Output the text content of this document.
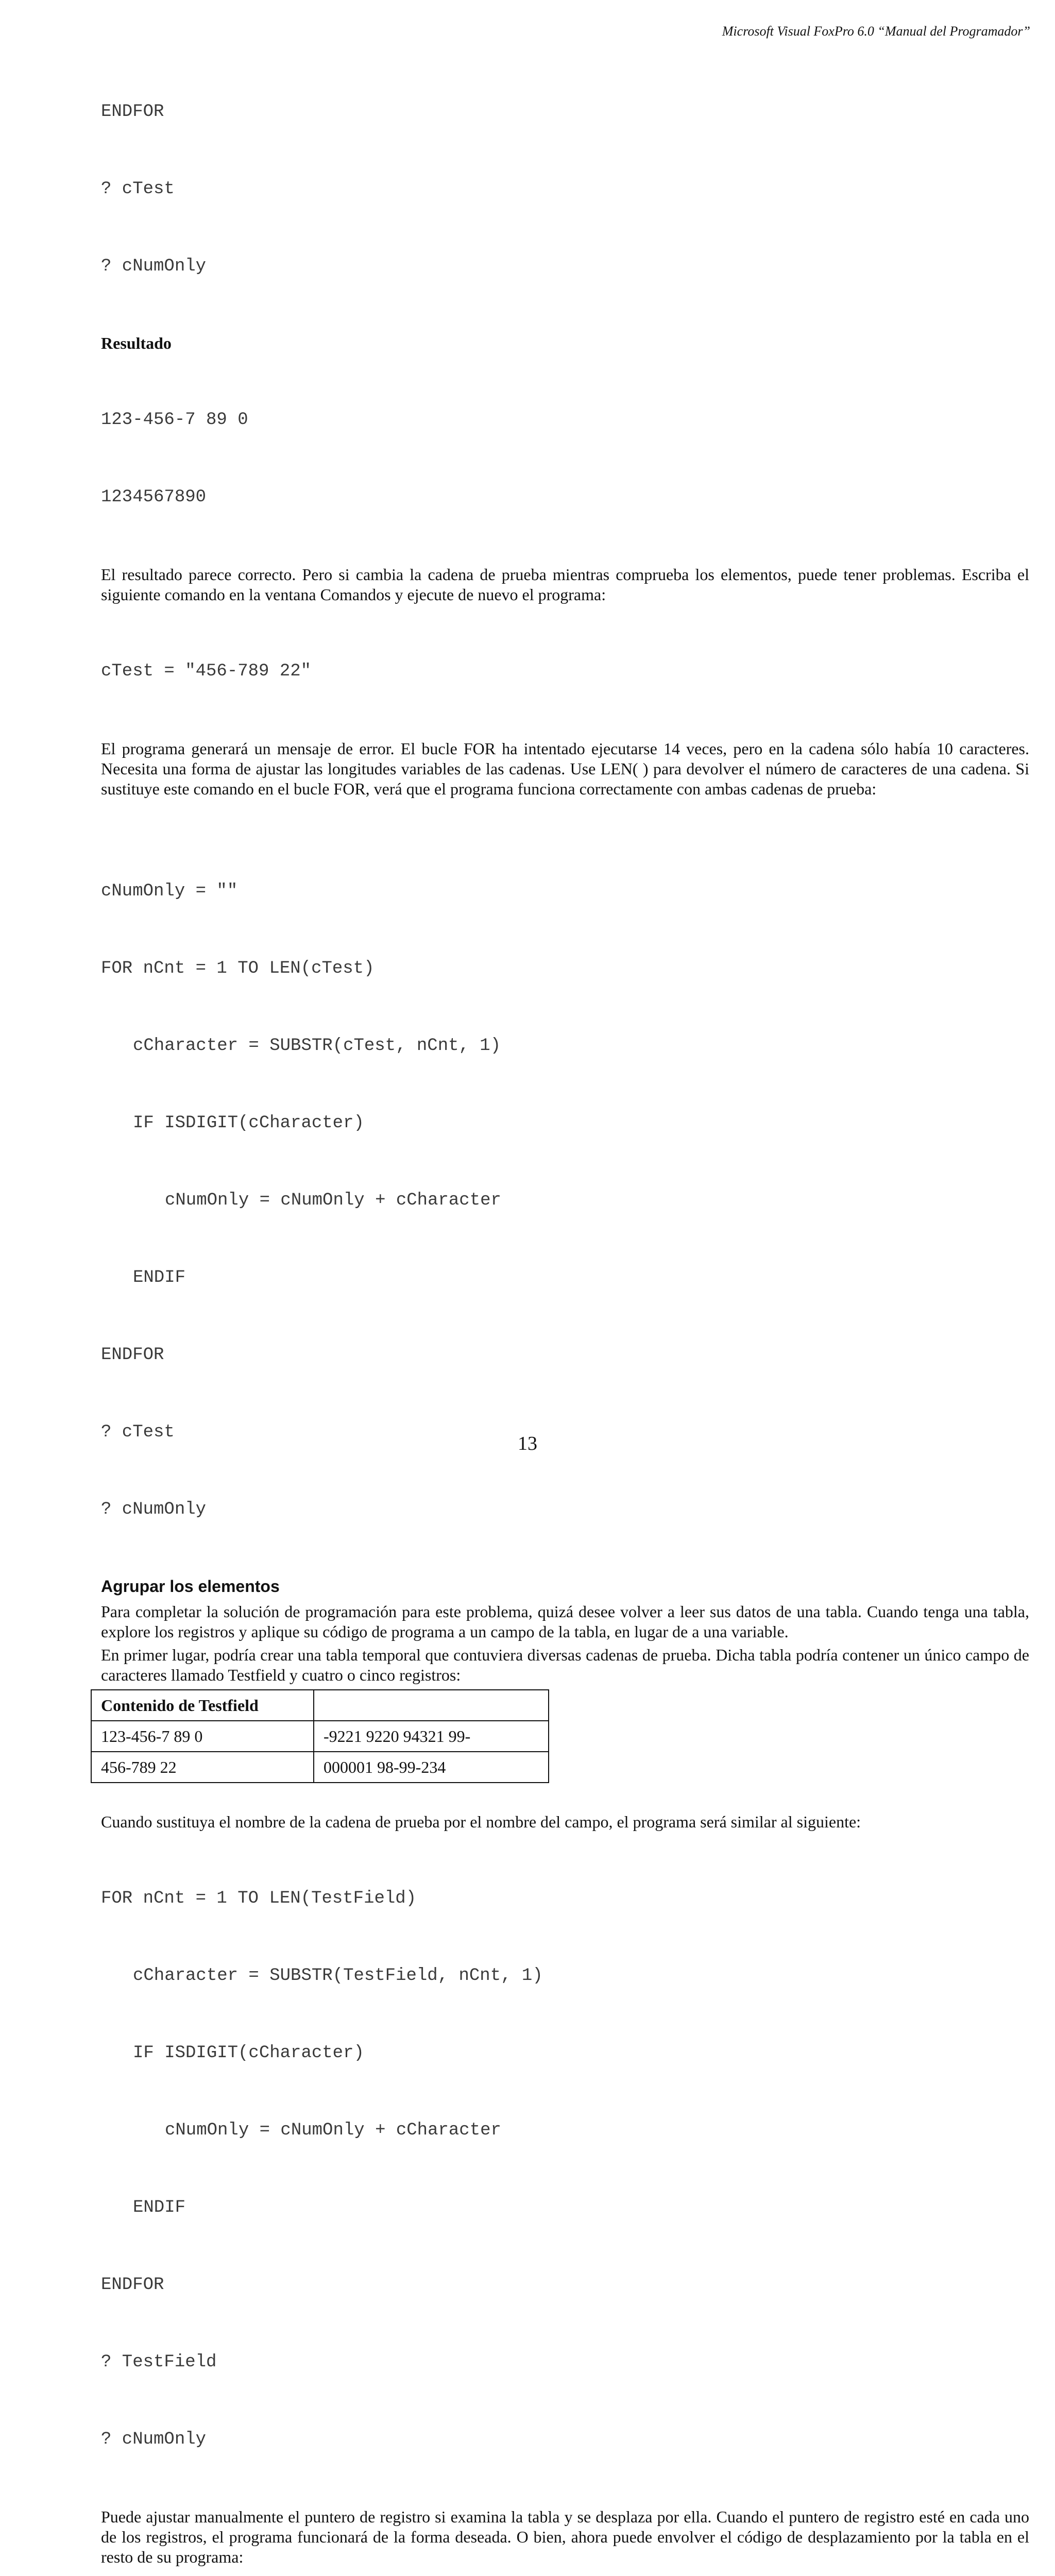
Microsoft Visual FoxPro 6.0 “Manual del Programador”

ENDFOR

? cTest

? cNumOnly

Resultado

123-456-7 89 0

1234567890

El resultado parece correcto. Pero si cambia la cadena de prueba mientras comprueba los elementos, puede tener problemas. Escriba el siguiente comando en la ventana Comandos y ejecute de nuevo el programa:

cTest = "456-789 22"

El programa generará un mensaje de error. El bucle FOR ha intentado ejecutarse 14 veces, pero en la cadena sólo había 10 caracteres. Necesita una forma de ajustar las longitudes variables de las cadenas. Use LEN( ) para devolver el número de caracteres de una cadena. Si sustituye este comando en el bucle FOR, verá que el programa funciona correctamente con ambas cadenas de prueba:

cNumOnly = ""

FOR nCnt = 1 TO LEN(cTest)

cCharacter = SUBSTR(cTest, nCnt, 1)

IF ISDIGIT(cCharacter)

cNumOnly = cNumOnly + cCharacter

ENDIF

ENDFOR

? cTest

? cNumOnly

Agrupar los elementos

Para completar la solución de programación para este problema, quizá desee volver a leer sus datos de una tabla. Cuando tenga una tabla, explore los registros y aplique su código de programa a un campo de la tabla, en lugar de a una variable.

En primer lugar, podría crear una tabla temporal que contuviera diversas cadenas de prueba. Dicha tabla podría contener un único campo de caracteres llamado Testfield y cuatro o cinco registros:

Contenido de Testfield	
123-456-7 89 0	-9221 9220 94321 99-
456-789 22	000001 98-99-234

Cuando sustituya el nombre de la cadena de prueba por el nombre del campo, el programa será similar al siguiente:

FOR nCnt = 1 TO LEN(TestField)

cCharacter = SUBSTR(TestField, nCnt, 1)

IF ISDIGIT(cCharacter)

cNumOnly = cNumOnly + cCharacter

ENDIF

ENDFOR

? TestField

? cNumOnly

Puede ajustar manualmente el puntero de registro si examina la tabla y se desplaza por ella. Cuando el puntero de registro esté en cada uno de los registros, el programa funcionará de la forma deseada. O bien, ahora puede envolver el código de desplazamiento por la tabla en el resto de su programa:

13
